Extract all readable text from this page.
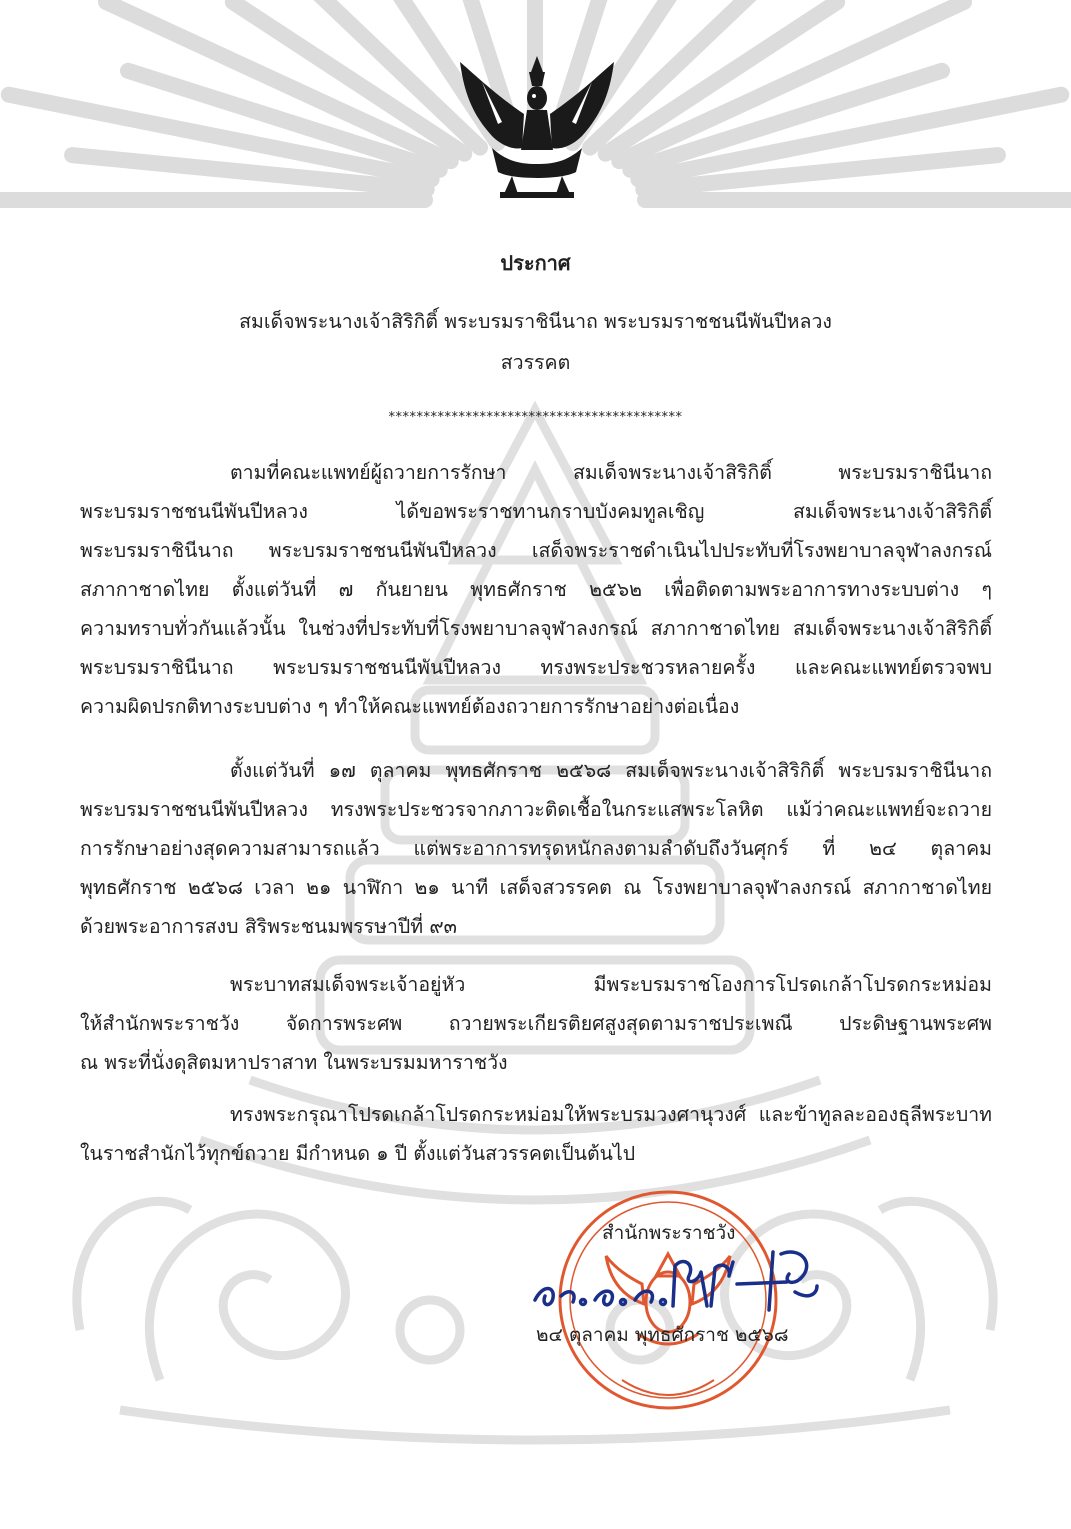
ประกาศ
สมเด็จพระนางเจ้าสิริกิติ์ พระบรมราชินีนาถ พระบรมราชชนนีพันปีหลวง
สวรรคต
******************************************
ตามที่คณะแพทย์ผู้ถวายการรักษา สมเด็จพระนางเจ้าสิริกิติ์ พระบรมราชินีนาถ
พระบรมราชชนนีพันปีหลวง ได้ขอพระราชทานกราบบังคมทูลเชิญ สมเด็จพระนางเจ้าสิริกิติ์
พระบรมราชินีนาถ พระบรมราชชนนีพันปีหลวง เสด็จพระราชดำเนินไปประทับที่โรงพยาบาลจุฬาลงกรณ์
สภากาชาดไทย ตั้งแต่วันที่ ๗ กันยายน พุทธศักราช ๒๕๖๒ เพื่อติดตามพระอาการทางระบบต่าง ๆ
ความทราบทั่วกันแล้วนั้น ในช่วงที่ประทับที่โรงพยาบาลจุฬาลงกรณ์ สภากาชาดไทย สมเด็จพระนางเจ้าสิริกิติ์
พระบรมราชินีนาถ พระบรมราชชนนีพันปีหลวง ทรงพระประชวรหลายครั้ง และคณะแพทย์ตรวจพบ
ความผิดปรกติทางระบบต่าง ๆ ทำให้คณะแพทย์ต้องถวายการรักษาอย่างต่อเนื่อง
ตั้งแต่วันที่ ๑๗ ตุลาคม พุทธศักราช ๒๕๖๘ สมเด็จพระนางเจ้าสิริกิติ์ พระบรมราชินีนาถ
พระบรมราชชนนีพันปีหลวง ทรงพระประชวรจากภาวะติดเชื้อในกระแสพระโลหิต แม้ว่าคณะแพทย์จะถวาย
การรักษาอย่างสุดความสามารถแล้ว แต่พระอาการทรุดหนักลงตามลำดับถึงวันศุกร์ ที่ ๒๔ ตุลาคม
พุทธศักราช ๒๕๖๘ เวลา ๒๑ นาฬิกา ๒๑ นาที เสด็จสวรรคต ณ โรงพยาบาลจุฬาลงกรณ์ สภากาชาดไทย
ด้วยพระอาการสงบ สิริพระชนมพรรษาปีที่ ๙๓
พระบาทสมเด็จพระเจ้าอยู่หัว มีพระบรมราชโองการโปรดเกล้าโปรดกระหม่อม
ให้สำนักพระราชวัง จัดการพระศพ ถวายพระเกียรติยศสูงสุดตามราชประเพณี ประดิษฐานพระศพ
ณ พระที่นั่งดุสิตมหาปราสาท ในพระบรมมหาราชวัง
ทรงพระกรุณาโปรดเกล้าโปรดกระหม่อมให้พระบรมวงศานุวงศ์ และข้าทูลละอองธุลีพระบาท
ในราชสำนักไว้ทุกข์ถวาย มีกำหนด ๑ ปี ตั้งแต่วันสวรรคตเป็นต้นไป
สำนักพระราชวัง
๒๔ ตุลาคม พุทธศักราช ๒๕๖๘
